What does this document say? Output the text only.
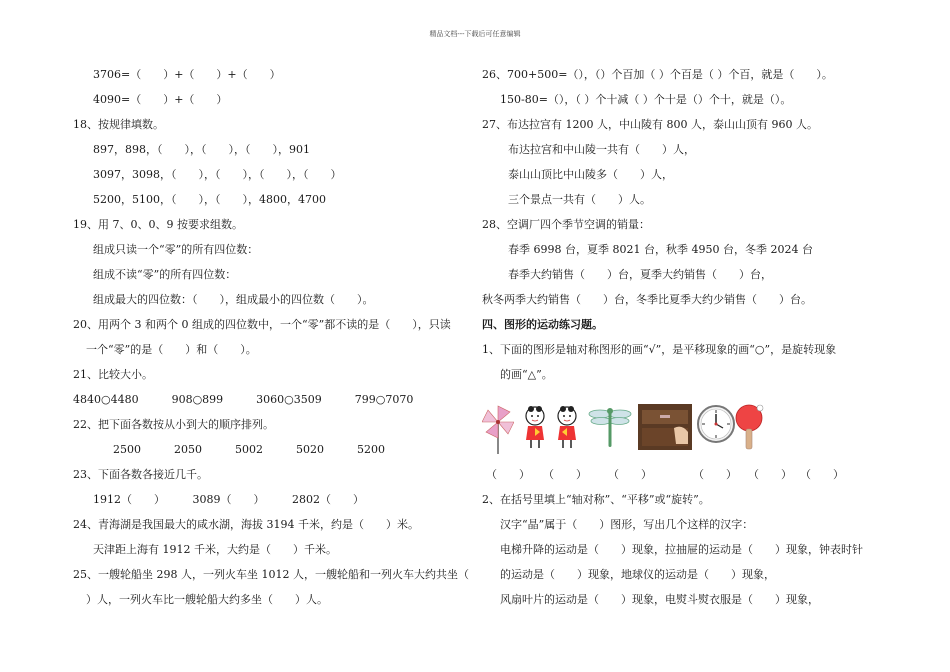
精品文档---下载后可任意编辑
3706=（　　）+（　　）+（　　）
4090=（　　）+（　　）
18、按规律填数。
897，898，（　　），（　　），（　　），901
3097，3098，（　　），（　　），（　　），（　　）
5200，5100，（　　），（　　），4800，4700
19、用 7、0、0、9 按要求组数。
组成只读一个“零”的所有四位数：
组成不读“零”的所有四位数：
组成最大的四位数：（　　），组成最小的四位数（　　）。
20、用两个 3 和两个 0 组成的四位数中，一个“零”都不读的是（　　），只读
一个“零”的是（　　）和（　　）。
21、比较大小。
4840○4480　　　908○899　　　3060○3509　　　799○7070
22、把下面各数按从小到大的顺序排列。
2500　　　2050　　　5002　　　5020　　　5200
23、下面各数各接近几千。
1912（　　）　　　3089（　　）　　　2802（　　）
24、青海湖是我国最大的咸水湖，海拔 3194 千米，约是（　　）米。
天津距上海有 1912 千米，大约是（　　）千米。
25、一艘轮船坐 298 人，一列火车坐 1012 人，一艘轮船和一列火车大约共坐（
）人，一列火车比一艘轮船大约多坐（　　）人。
26、700+500=（），（）个百加（ ）个百是（ ）个百，就是（　　）。
150-80=（），（ ）个十减（ ）个十是（）个十，就是（）。
27、布达拉宫有 1200 人，中山陵有 800 人，泰山山顶有 960 人。
布达拉宫和中山陵一共有（　　）人，
泰山山顶比中山陵多（　　）人，
三个景点一共有（　　）人。
28、空调厂四个季节空调的销量：
春季 6998 台，夏季 8021 台，秋季 4950 台，冬季 2024 台
春季大约销售（　　）台，夏季大约销售（　　）台，
秋冬两季大约销售（　　）台，冬季比夏季大约少销售（　　）台。
四、图形的运动练习题。
1、下面的图形是轴对称图形的画“√”，是平移现象的画“○”，是旋转现象
的画“△”。
2、在括号里填上“轴对称”、“平移”或“旋转”。
汉字“晶”属于（　　）图形，写出几个这样的汉字：
电梯升降的运动是（　　）现象，拉抽屉的运动是（　　）现象，钟表时针
的运动是（　　）现象，地球仪的运动是（　　）现象，
风扇叶片的运动是（　　）现象，电熨斗熨衣服是（　　）现象，
（　　） （　　） （　　）	（　　） （　　） （　　）
